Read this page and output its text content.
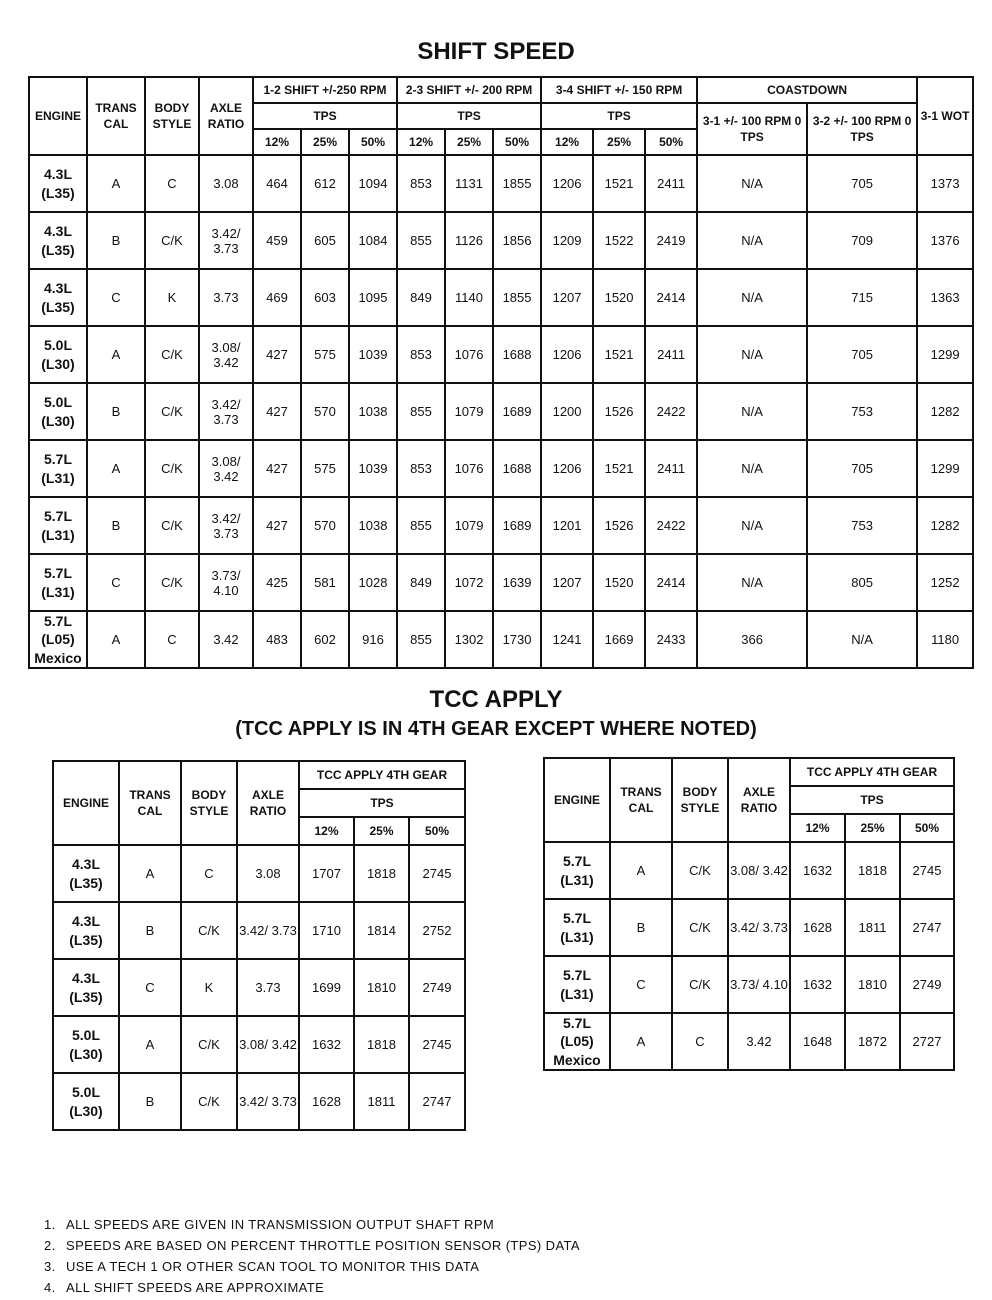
SHIFT SPEED
ENGINE	TRANS CAL	BODY STYLE	AXLE RATIO	1-2 SHIFT +/-250 RPM			2-3 SHIFT +/- 200 RPM			3-4 SHIFT +/- 150 RPM			COASTDOWN		3-1 WOT
				TPS			TPS			TPS			3-1 +/- 100 RPM 0 TPS	3-2 +/- 100 RPM 0 TPS	
				12%	25%	50%	12%	25%	50%	12%	25%	50%			
4.3L (L35)	A	C	3.08	464	612	1094	853	1131	1855	1206	1521	2411	N/A	705	1373
4.3L (L35)	B	C/K	3.42/ 3.73	459	605	1084	855	1126	1856	1209	1522	2419	N/A	709	1376
4.3L (L35)	C	K	3.73	469	603	1095	849	1140	1855	1207	1520	2414	N/A	715	1363
5.0L (L30)	A	C/K	3.08/ 3.42	427	575	1039	853	1076	1688	1206	1521	2411	N/A	705	1299
5.0L (L30)	B	C/K	3.42/ 3.73	427	570	1038	855	1079	1689	1200	1526	2422	N/A	753	1282
5.7L (L31)	A	C/K	3.08/ 3.42	427	575	1039	853	1076	1688	1206	1521	2411	N/A	705	1299
5.7L (L31)	B	C/K	3.42/ 3.73	427	570	1038	855	1079	1689	1201	1526	2422	N/A	753	1282
5.7L (L31)	C	C/K	3.73/ 4.10	425	581	1028	849	1072	1639	1207	1520	2414	N/A	805	1252
5.7L (L05) Mexico	A	C	3.42	483	602	916	855	1302	1730	1241	1669	2433	366	N/A	1180
TCC APPLY
(TCC APPLY IS IN 4TH GEAR EXCEPT WHERE NOTED)
ENGINE	TRANS CAL	BODY STYLE	AXLE RATIO	TCC APPLY 4TH GEAR		
				TPS		
				12%	25%	50%
4.3L (L35)	A	C	3.08	1707	1818	2745
4.3L (L35)	B	C/K	3.42/ 3.73	1710	1814	2752
4.3L (L35)	C	K	3.73	1699	1810	2749
5.0L (L30)	A	C/K	3.08/ 3.42	1632	1818	2745
5.0L (L30)	B	C/K	3.42/ 3.73	1628	1811	2747
ENGINE	TRANS CAL	BODY STYLE	AXLE RATIO	TCC APPLY 4TH GEAR		
				TPS		
				12%	25%	50%
5.7L (L31)	A	C/K	3.08/ 3.42	1632	1818	2745
5.7L (L31)	B	C/K	3.42/ 3.73	1628	1811	2747
5.7L (L31)	C	C/K	3.73/ 4.10	1632	1810	2749
5.7L (L05) Mexico	A	C	3.42	1648	1872	2727
1. ALL SPEEDS ARE GIVEN IN TRANSMISSION OUTPUT SHAFT RPM
2. SPEEDS ARE BASED ON PERCENT THROTTLE POSITION SENSOR (TPS) DATA
3. USE A TECH 1 OR OTHER SCAN TOOL TO MONITOR THIS DATA
4. ALL SHIFT SPEEDS ARE APPROXIMATE
